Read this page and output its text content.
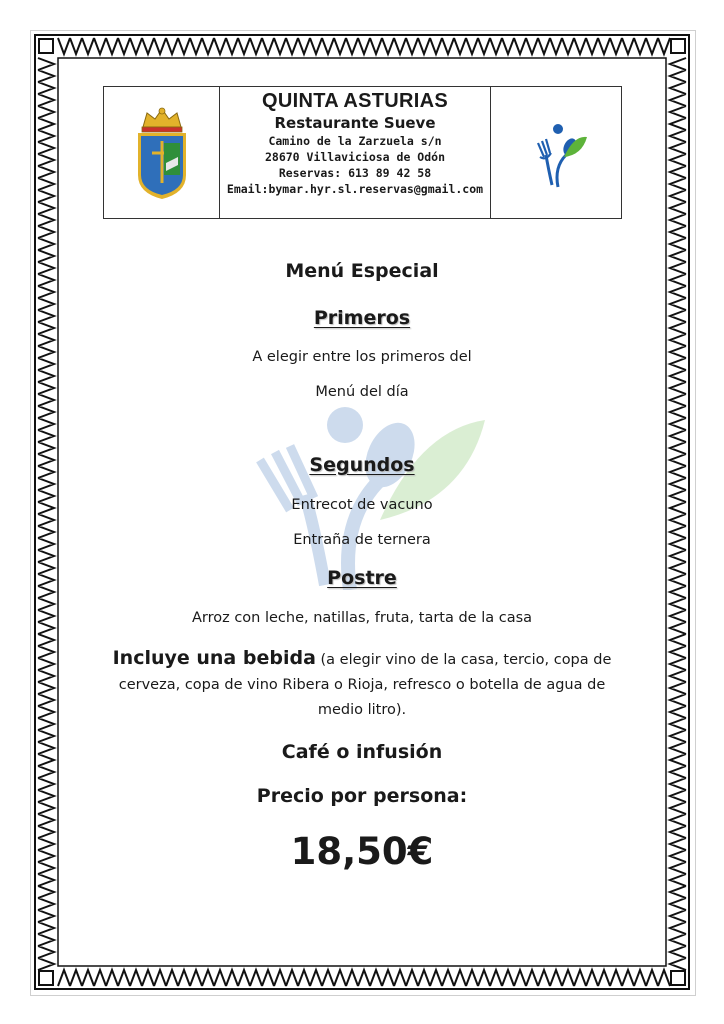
QUINTA ASTURIAS
Restaurante Sueve
Camino de la Zarzuela s/n
28670 Villaviciosa de Odón
Reservas: 613 89 42 58
Email:bymar.hyr.sl.reservas@gmail.com
Menú Especial
Primeros
A elegir entre los primeros del
Menú del día
Segundos
Entrecot de vacuno
Entraña de ternera
Postre
Arroz con leche, natillas, fruta, tarta de la casa
Incluye una bebida (a elegir vino de la casa, tercio, copa de cerveza, copa de vino Ribera o Rioja, refresco o botella de agua de medio litro).
Café o infusión
Precio por persona:
18,50€
